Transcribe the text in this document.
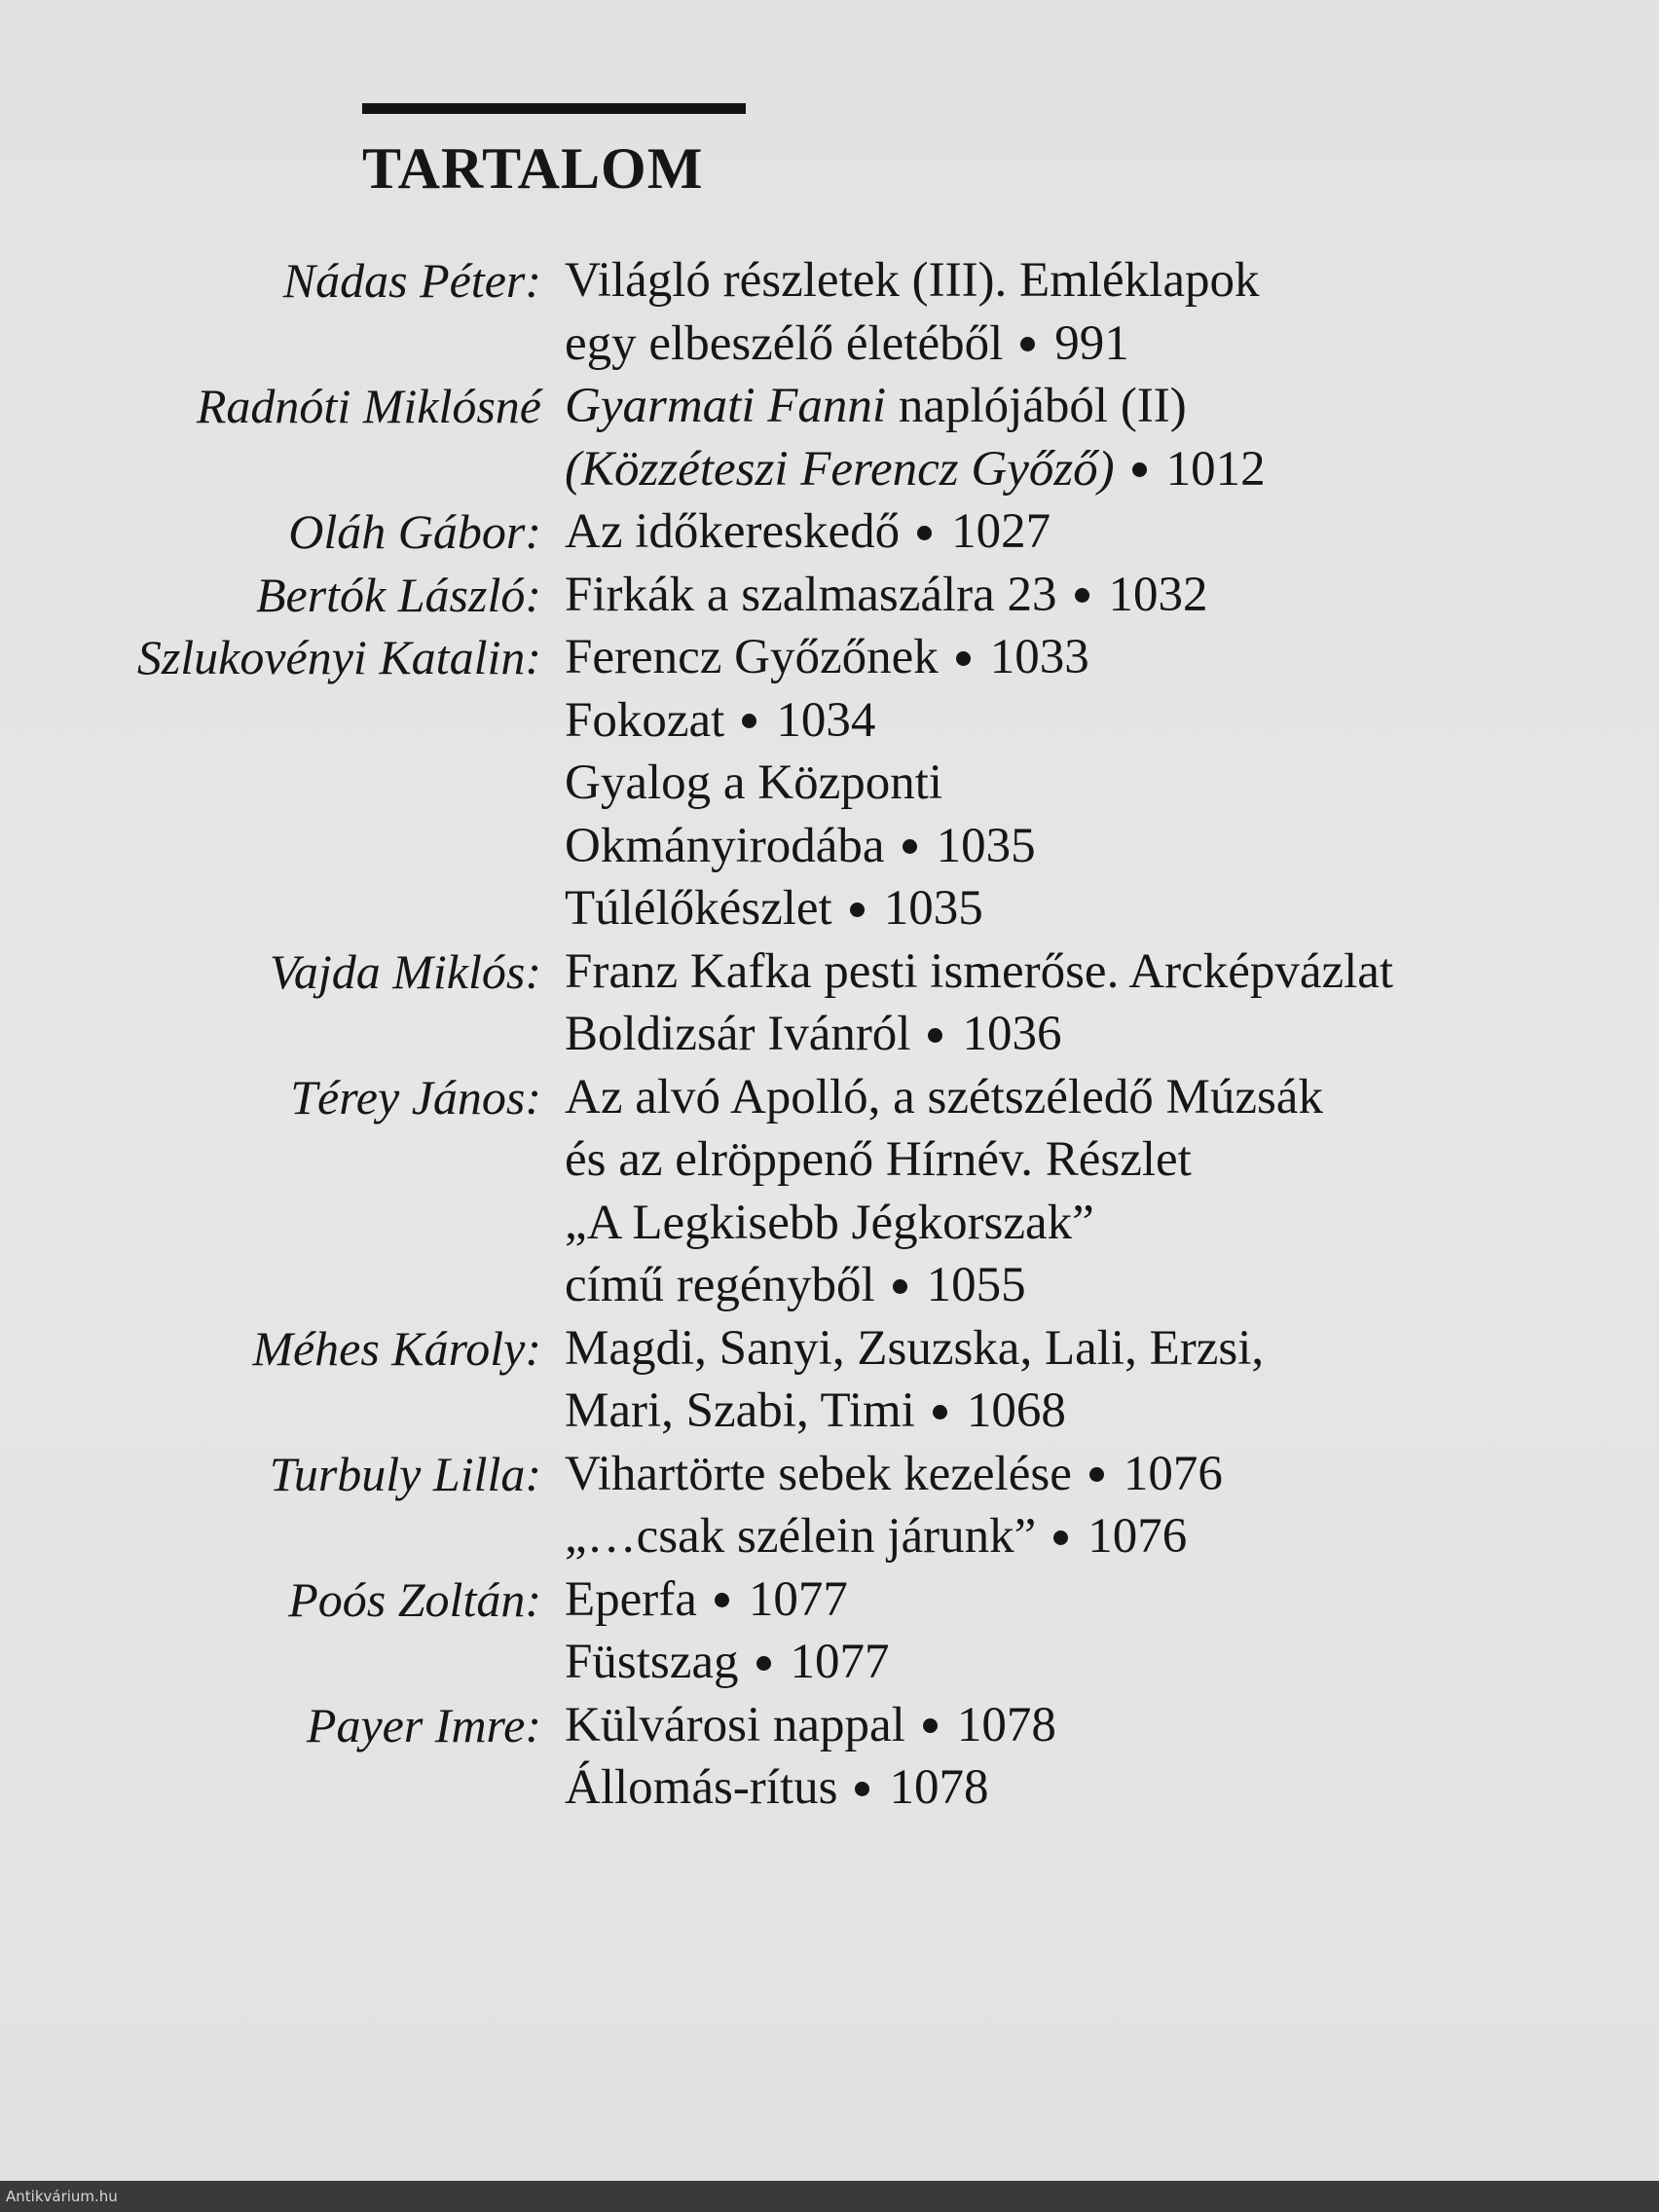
TARTALOM
Nádas Péter: Világló részletek (III). Emléklapok
egy elbeszélő életéből 991
Radnóti Miklósné Gyarmati Fanni naplójából (II)
(Közzéteszi Ferencz Győző) 1012
Oláh Gábor: Az időkereskedő 1027
Bertók László: Firkák a szalmaszálra 23 1032
Szlukovényi Katalin: Ferencz Győzőnek 1033
Fokozat 1034
Gyalog a Központi
Okmányirodába 1035
Túlélőkészlet 1035
Vajda Miklós: Franz Kafka pesti ismerőse. Arcképvázlat
Boldizsár Ivánról 1036
Térey János: Az alvó Apolló, a szétszéledő Múzsák
és az elröppenő Hírnév. Részlet
„A Legkisebb Jégkorszak”
című regényből 1055
Méhes Károly: Magdi, Sanyi, Zsuzska, Lali, Erzsi,
Mari, Szabi, Timi 1068
Turbuly Lilla: Vihartörte sebek kezelése 1076
„…csak szélein járunk” 1076
Poós Zoltán: Eperfa 1077
Füstszag 1077
Payer Imre: Külvárosi nappal 1078
Állomás-rítus 1078
Antikvárium.hu
